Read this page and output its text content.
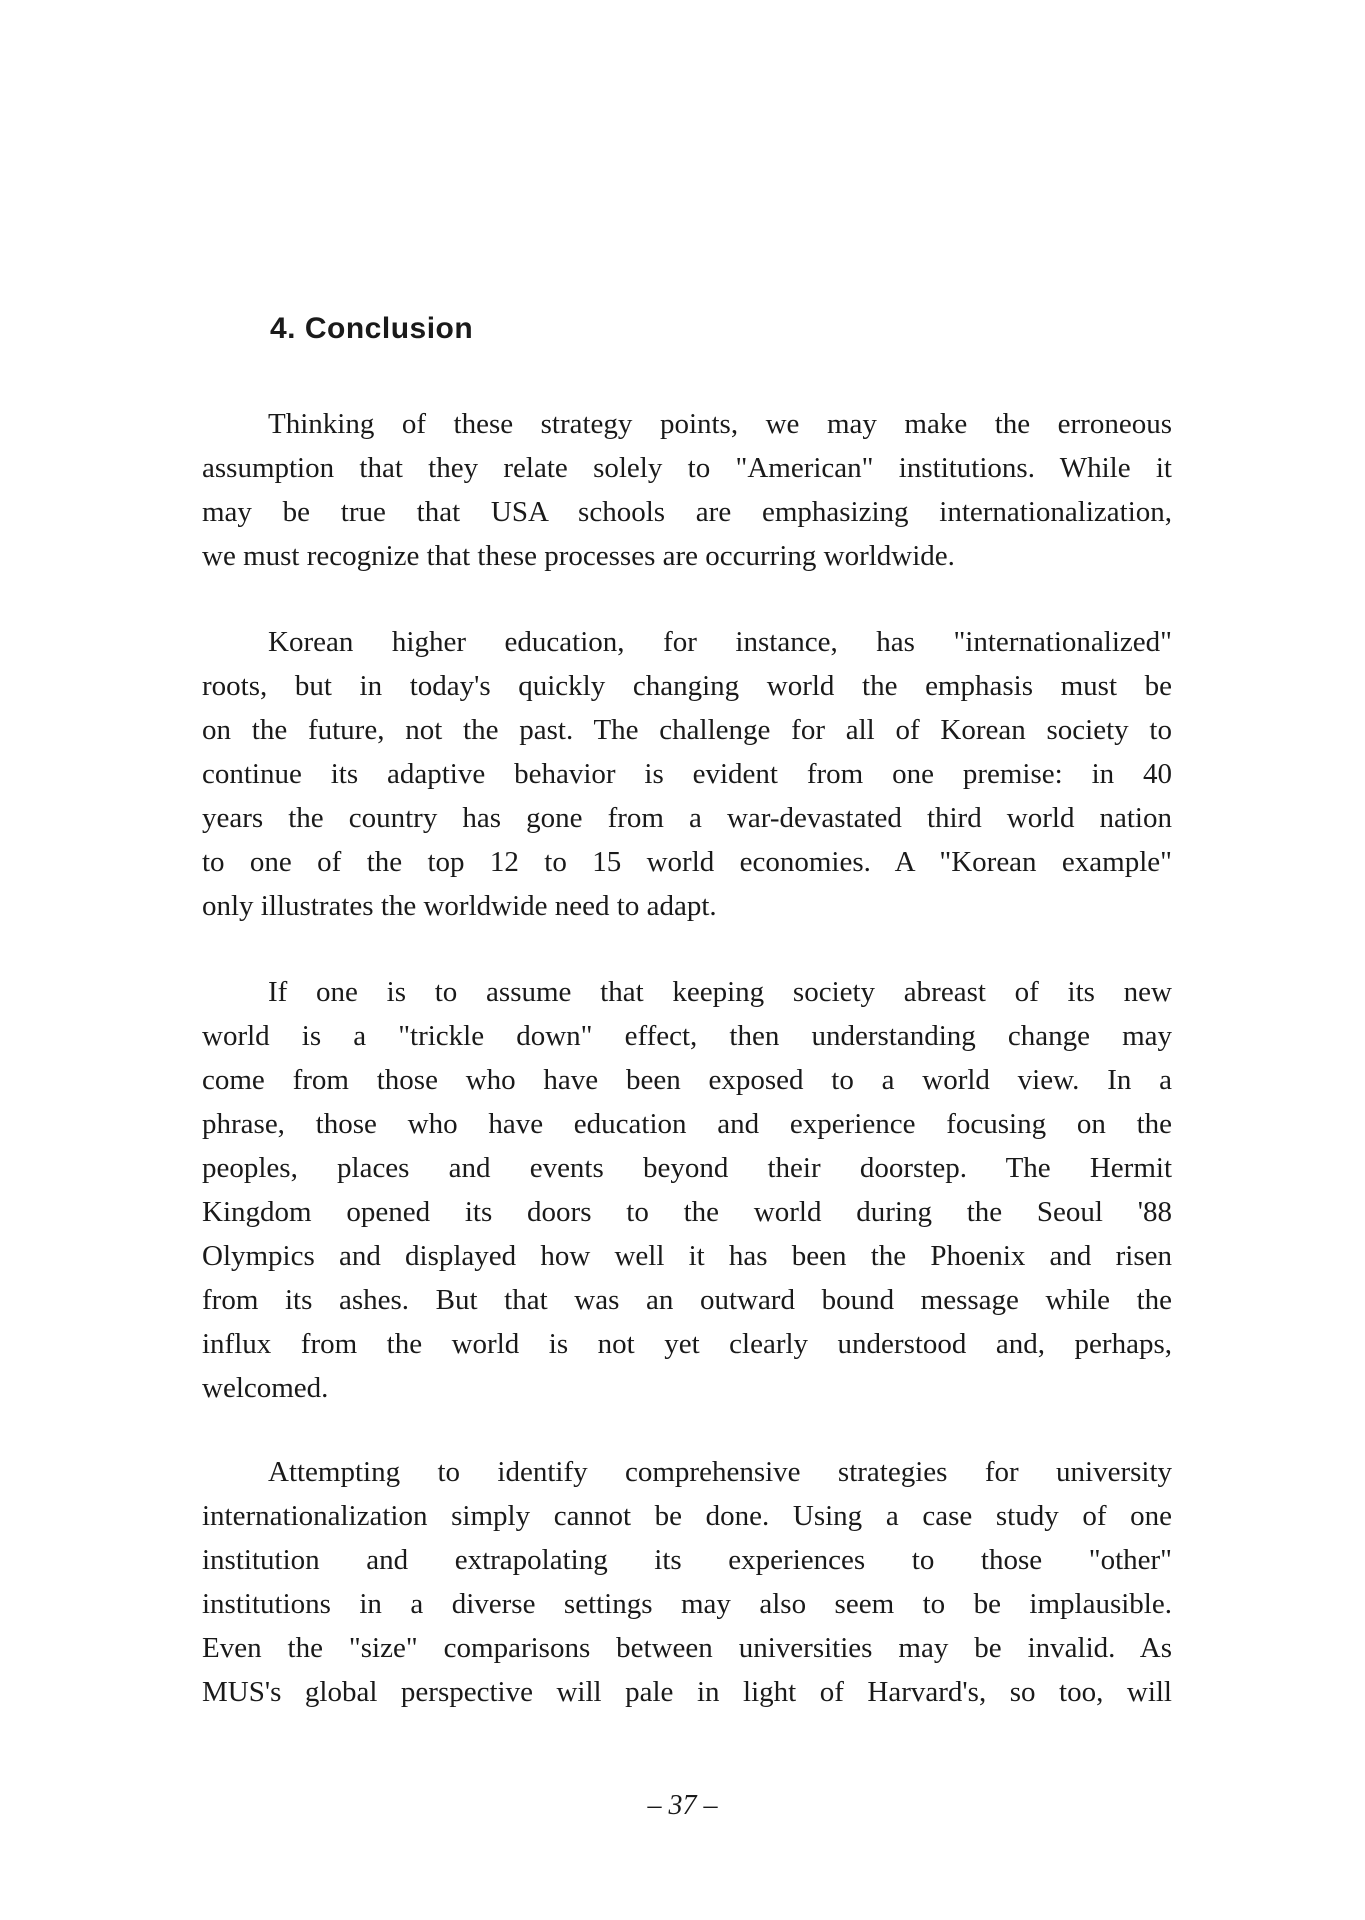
4. Conclusion
Thinking of these strategy points, we may make the erroneous
assumption that they relate solely to "American" institutions. While it
may be true that USA schools are emphasizing internationalization,
we must recognize that these processes are occurring worldwide.
Korean higher education, for instance, has "internationalized"
roots, but in today's quickly changing world the emphasis must be
on the future, not the past. The challenge for all of Korean society to
continue its adaptive behavior is evident from one premise: in 40
years the country has gone from a war-devastated third world nation
to one of the top 12 to 15 world economies. A "Korean example"
only illustrates the worldwide need to adapt.
If one is to assume that keeping society abreast of its new
world is a "trickle down" effect, then understanding change may
come from those who have been exposed to a world view. In a
phrase, those who have education and experience focusing on the
peoples, places and events beyond their doorstep. The Hermit
Kingdom opened its doors to the world during the Seoul '88
Olympics and displayed how well it has been the Phoenix and risen
from its ashes. But that was an outward bound message while the
influx from the world is not yet clearly understood and, perhaps,
welcomed.
Attempting to identify comprehensive strategies for university
internationalization simply cannot be done. Using a case study of one
institution and extrapolating its experiences to those "other"
institutions in a diverse settings may also seem to be implausible.
Even the "size" comparisons between universities may be invalid. As
MUS's global perspective will pale in light of Harvard's, so too, will
– 37 –
